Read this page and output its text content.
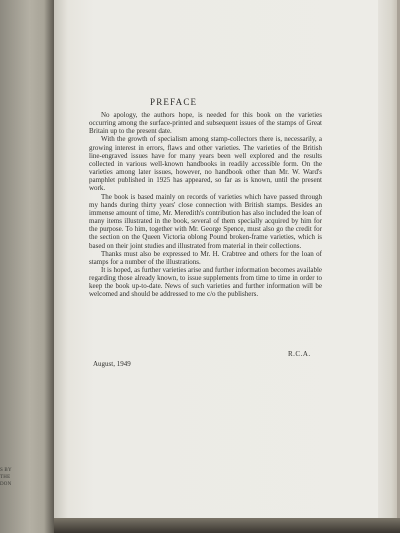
S BY
THE
DON
PREFACE

No apology, the authors hope, is needed for this book on the varieties occurring among the surface-printed and subsequent issues of the stamps of Great Britain up to the present date.

With the growth of specialism among stamp-collectors there is, necessarily, a growing interest in errors, flaws and other varieties. The varieties of the British line-engraved issues have for many years been well explored and the results collected in various well-known handbooks in readily accessible form. On the varieties among later issues, however, no handbook other than Mr. W. Ward's pamphlet published in 1925 has appeared, so far as is known, until the present work.

The book is based mainly on records of varieties which have passed through my hands during thirty years' close connection with British stamps. Besides an immense amount of time, Mr. Meredith's contribution has also included the loan of many items illustrated in the book, several of them specially acquired by him for the purpose. To him, together with Mr. George Spence, must also go the credit for the section on the Queen Victoria oblong Pound broken-frame varieties, which is based on their joint studies and illustrated from material in their collections.

Thanks must also be expressed to Mr. H. Crabtree and others for the loan of stamps for a number of the illustrations.

It is hoped, as further varieties arise and further information becomes available regarding those already known, to issue supplements from time to time in order to keep the book up-to-date. News of such varieties and further information will be welcomed and should be addressed to me c/o the publishers.

R.C.A.
August, 1949
